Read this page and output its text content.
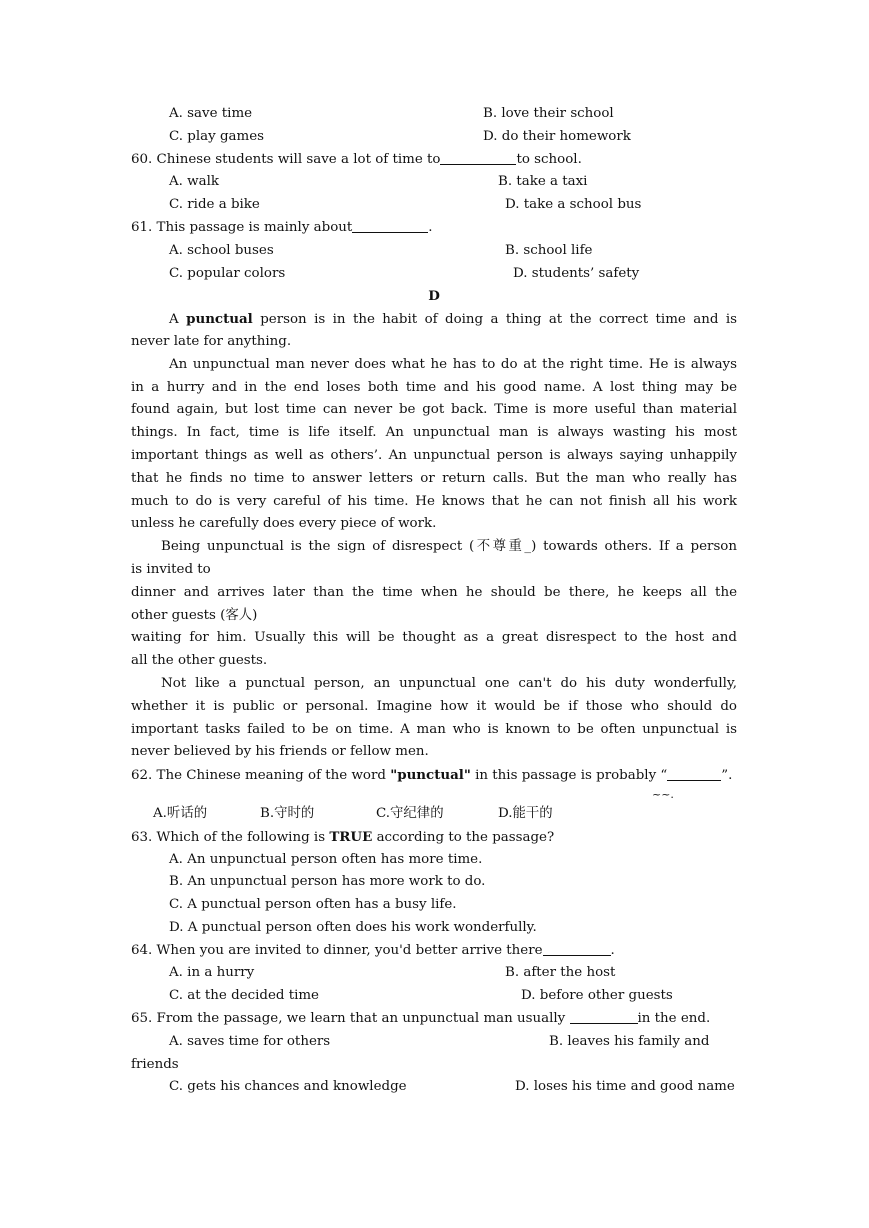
A. save time	B. love their school
C. play games	D. do their homework
60. Chinese students will save a lot of time to	to school.
A. walk	B. take a taxi
C. ride a bike	D. take a school bus
61. This passage is mainly about	.
A. school buses	B. school life
C. popular colors	D. students’ safety
D
A punctual person is in the habit of doing a thing at the correct time and is
never late for anything.
An unpunctual man never does what he has to do at the right time. He is always
in a hurry and in the end loses both time and his good name. A lost thing may be
found again, but lost time can never be got back. Time is more useful than material
things. In fact, time is life itself. An unpunctual man is always wasting his most
important things as well as others’. An unpunctual person is always saying unhappily
that he finds no time to answer letters or return calls. But the man who really has
much to do is very careful of his time. He knows that he can not finish all his work
unless he carefully does every piece of work.
Being unpunctual is the sign of disrespect (不尊重_) towards others. If a person
is invited to
dinner and arrives later than the time when he should be there, he keeps all the
other guests (客人)
waiting for him. Usually this will be thought as a great disrespect to the host and
all the other guests.
Not like a punctual person, an unpunctual one can't do his duty wonderfully,
whether it is public or personal. Imagine how it would be if those who should do
important tasks failed to be on time. A man who is known to be often unpunctual is
never believed by his friends or fellow men.
62. The Chinese meaning of the word "punctual" in this passage is probably “	”.
~~.
A.听话的	B.守时的	C.守纪律的	D.能干的
63. Which of the following is TRUE according to the passage?
A. An unpunctual person often has more time.
B. An unpunctual person has more work to do.
C. A punctual person often has a busy life.
D. A punctual person often does his work wonderfully.
64. When you are invited to dinner, you'd better arrive there	.
A. in a hurry	B. after the host
C. at the decided time	D. before other guests
65. From the passage, we learn that an unpunctual man usually	in the end.
A. saves time for others	B. leaves his family and
friends
C. gets his chances and knowledge	D. loses his time and good name
